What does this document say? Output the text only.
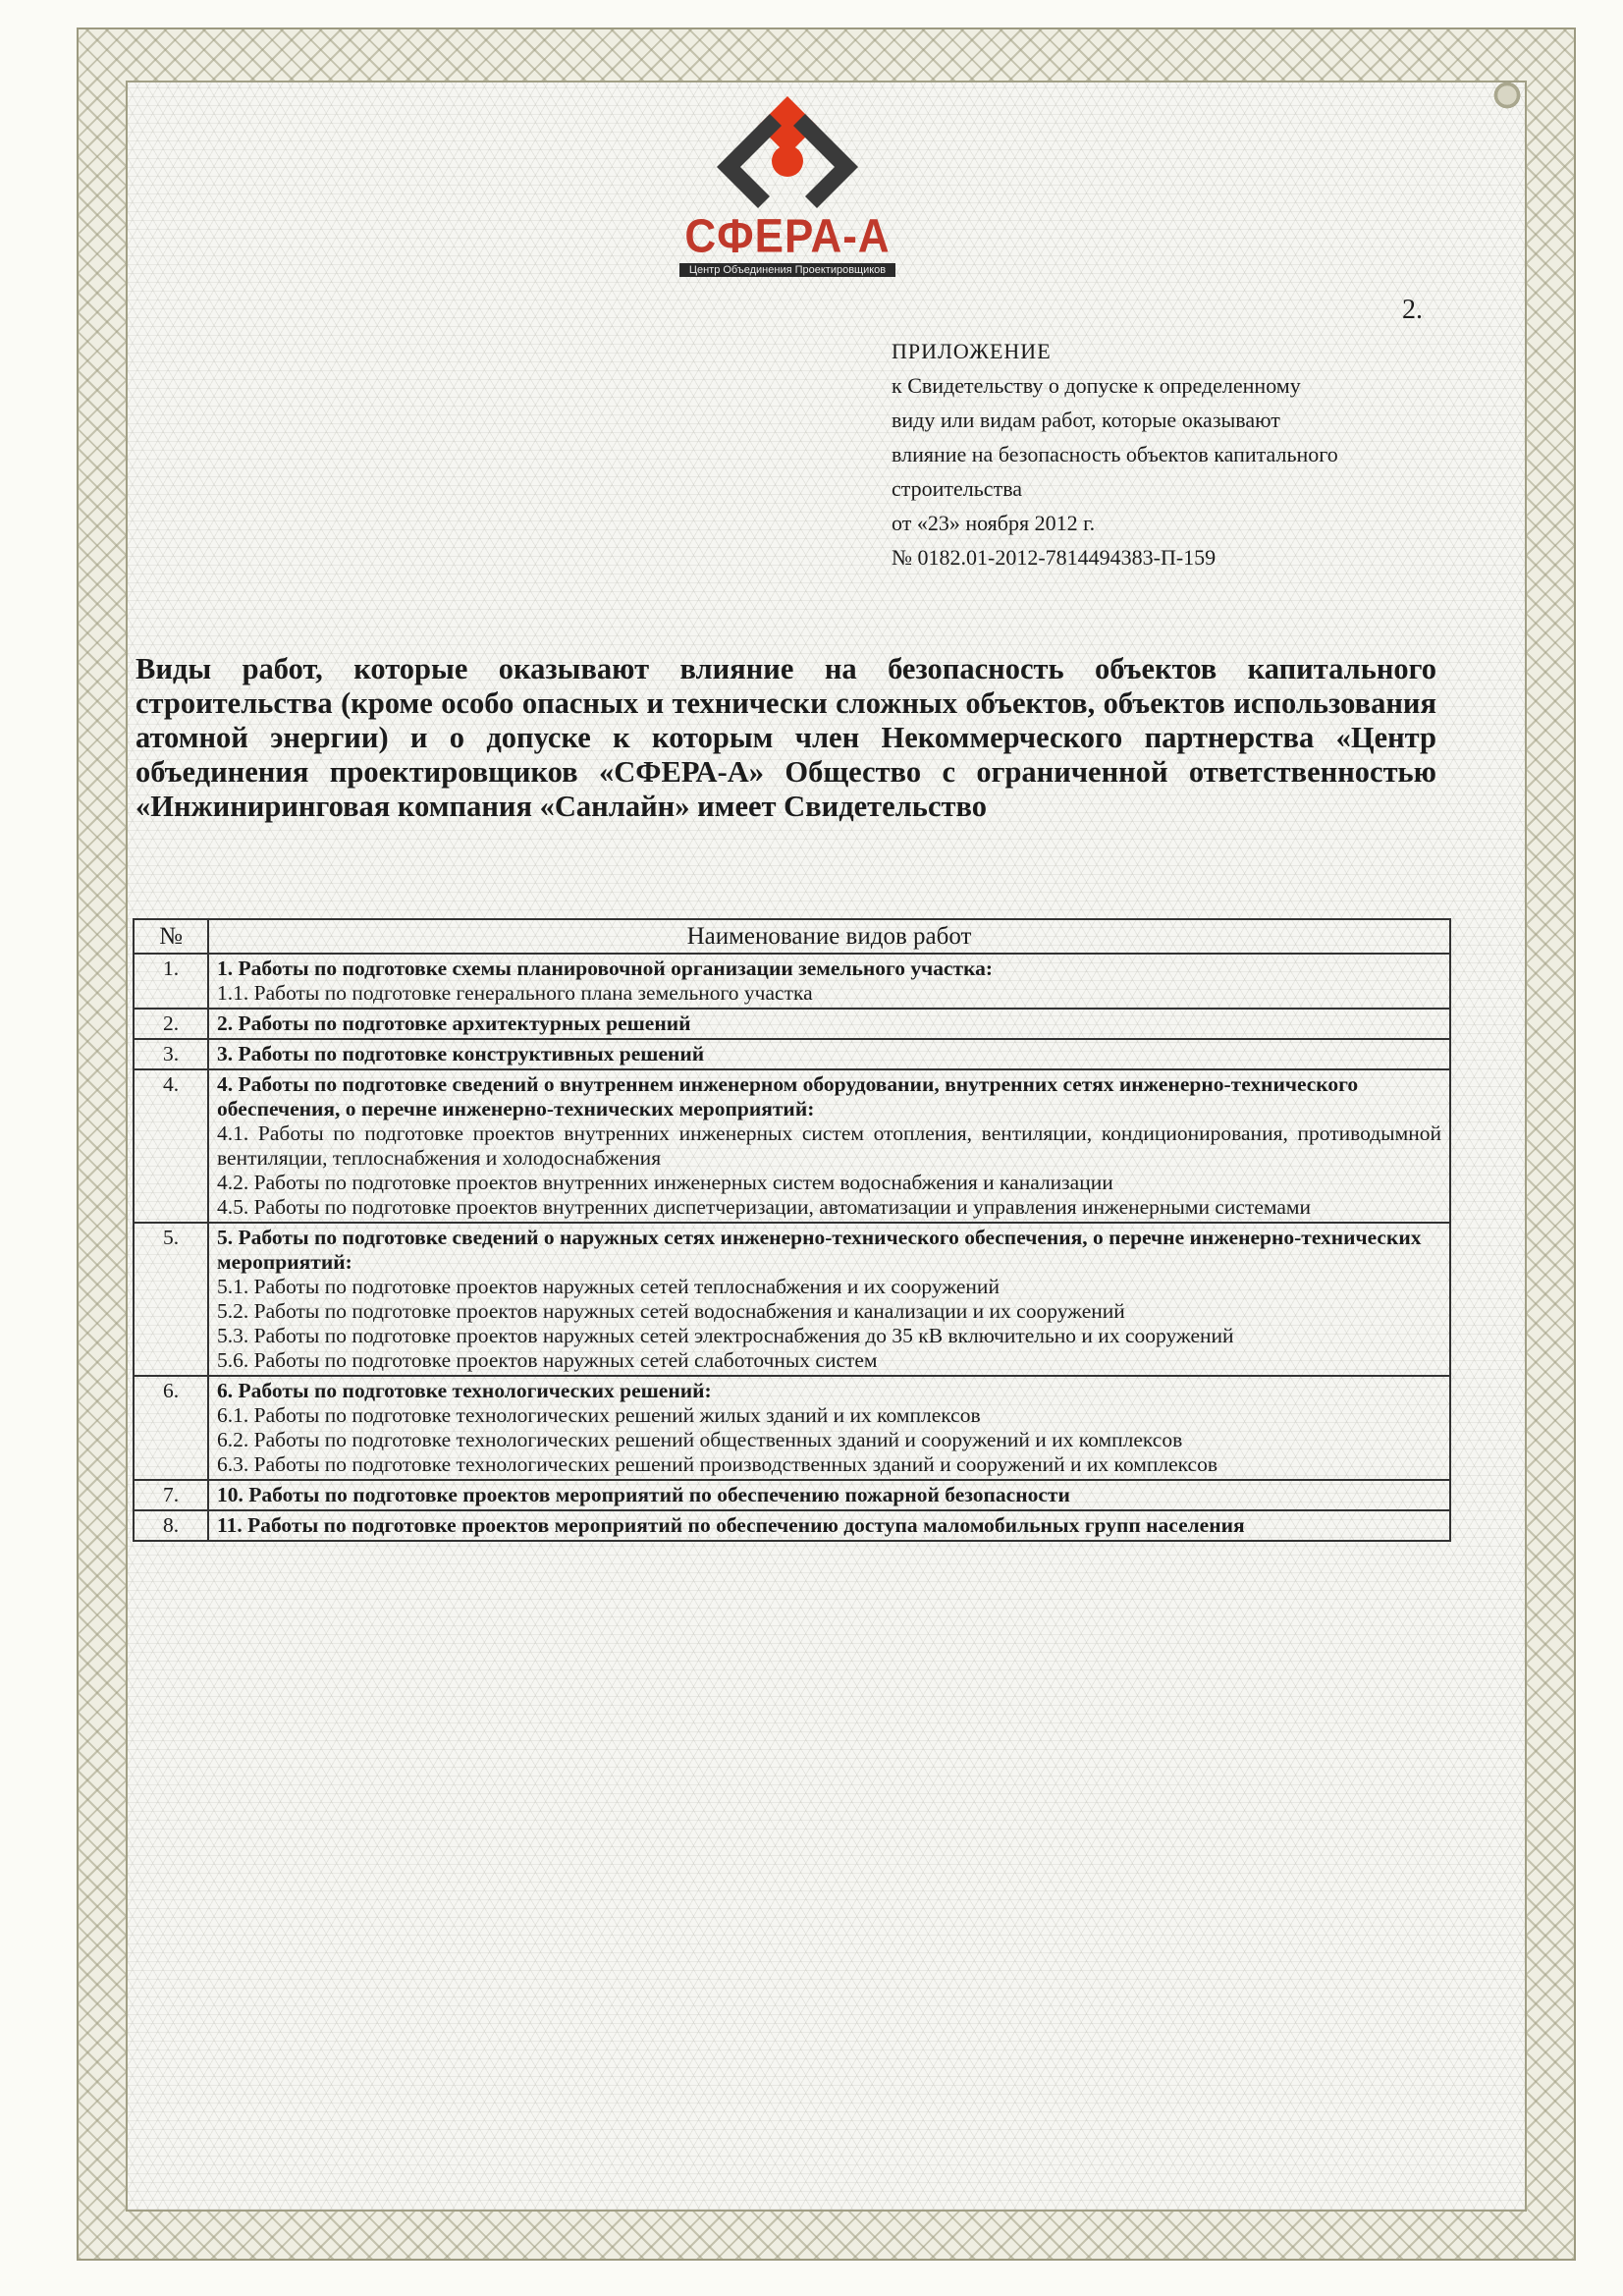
СФЕРА-А
Центр Объединения Проектировщиков
2.
ПРИЛОЖЕНИЕ
к Свидетельству о допуске к определенному
виду или видам работ, которые оказывают
влияние на безопасность объектов капитального
строительства
от «23» ноября 2012 г.
№ 0182.01-2012-7814494383-П-159
Виды работ, которые оказывают влияние на безопасность объектов капитального строительства (кроме особо опасных и технически сложных объектов, объектов использования атомной энергии) и о допуске к которым член Некоммерческого партнерства «Центр объединения проектировщиков «СФЕРА-А» Общество с ограниченной ответственностью «Инжиниринговая компания «Санлайн» имеет Свидетельство
№	Наименование видов работ
1.	1. Работы по подготовке схемы планировочной организации земельного участка:
1.1. Работы по подготовке генерального плана земельного участка

2.	2. Работы по подготовке архитектурных решений

3.	3. Работы по подготовке конструктивных решений

4.	4. Работы по подготовке сведений о внутреннем инженерном оборудовании, внутренних сетях инженерно-технического обеспечения, о перечне инженерно-технических мероприятий:
4.1. Работы по подготовке проектов внутренних инженерных систем отопления, вентиляции, кондиционирования, противодымной вентиляции, теплоснабжения и холодоснабжения
4.2. Работы по подготовке проектов внутренних инженерных систем водоснабжения и канализации
4.5. Работы по подготовке проектов внутренних диспетчеризации, автоматизации и управления инженерными системами

5.	5. Работы по подготовке сведений о наружных сетях инженерно-технического обеспечения, о перечне инженерно-технических мероприятий:
5.1. Работы по подготовке проектов наружных сетей теплоснабжения и их сооружений
5.2. Работы по подготовке проектов наружных сетей водоснабжения и канализации и их сооружений
5.3. Работы по подготовке проектов наружных сетей электроснабжения до 35 кВ включительно и их сооружений
5.6. Работы по подготовке проектов наружных сетей слаботочных систем

6.	6. Работы по подготовке технологических решений:
6.1. Работы по подготовке технологических решений жилых зданий и их комплексов
6.2. Работы по подготовке технологических решений общественных зданий и сооружений и их комплексов
6.3. Работы по подготовке технологических решений производственных зданий и сооружений и их комплексов

7.	10. Работы по подготовке проектов мероприятий по обеспечению пожарной безопасности

8.	11. Работы по подготовке проектов мероприятий по обеспечению доступа маломобильных групп населения
